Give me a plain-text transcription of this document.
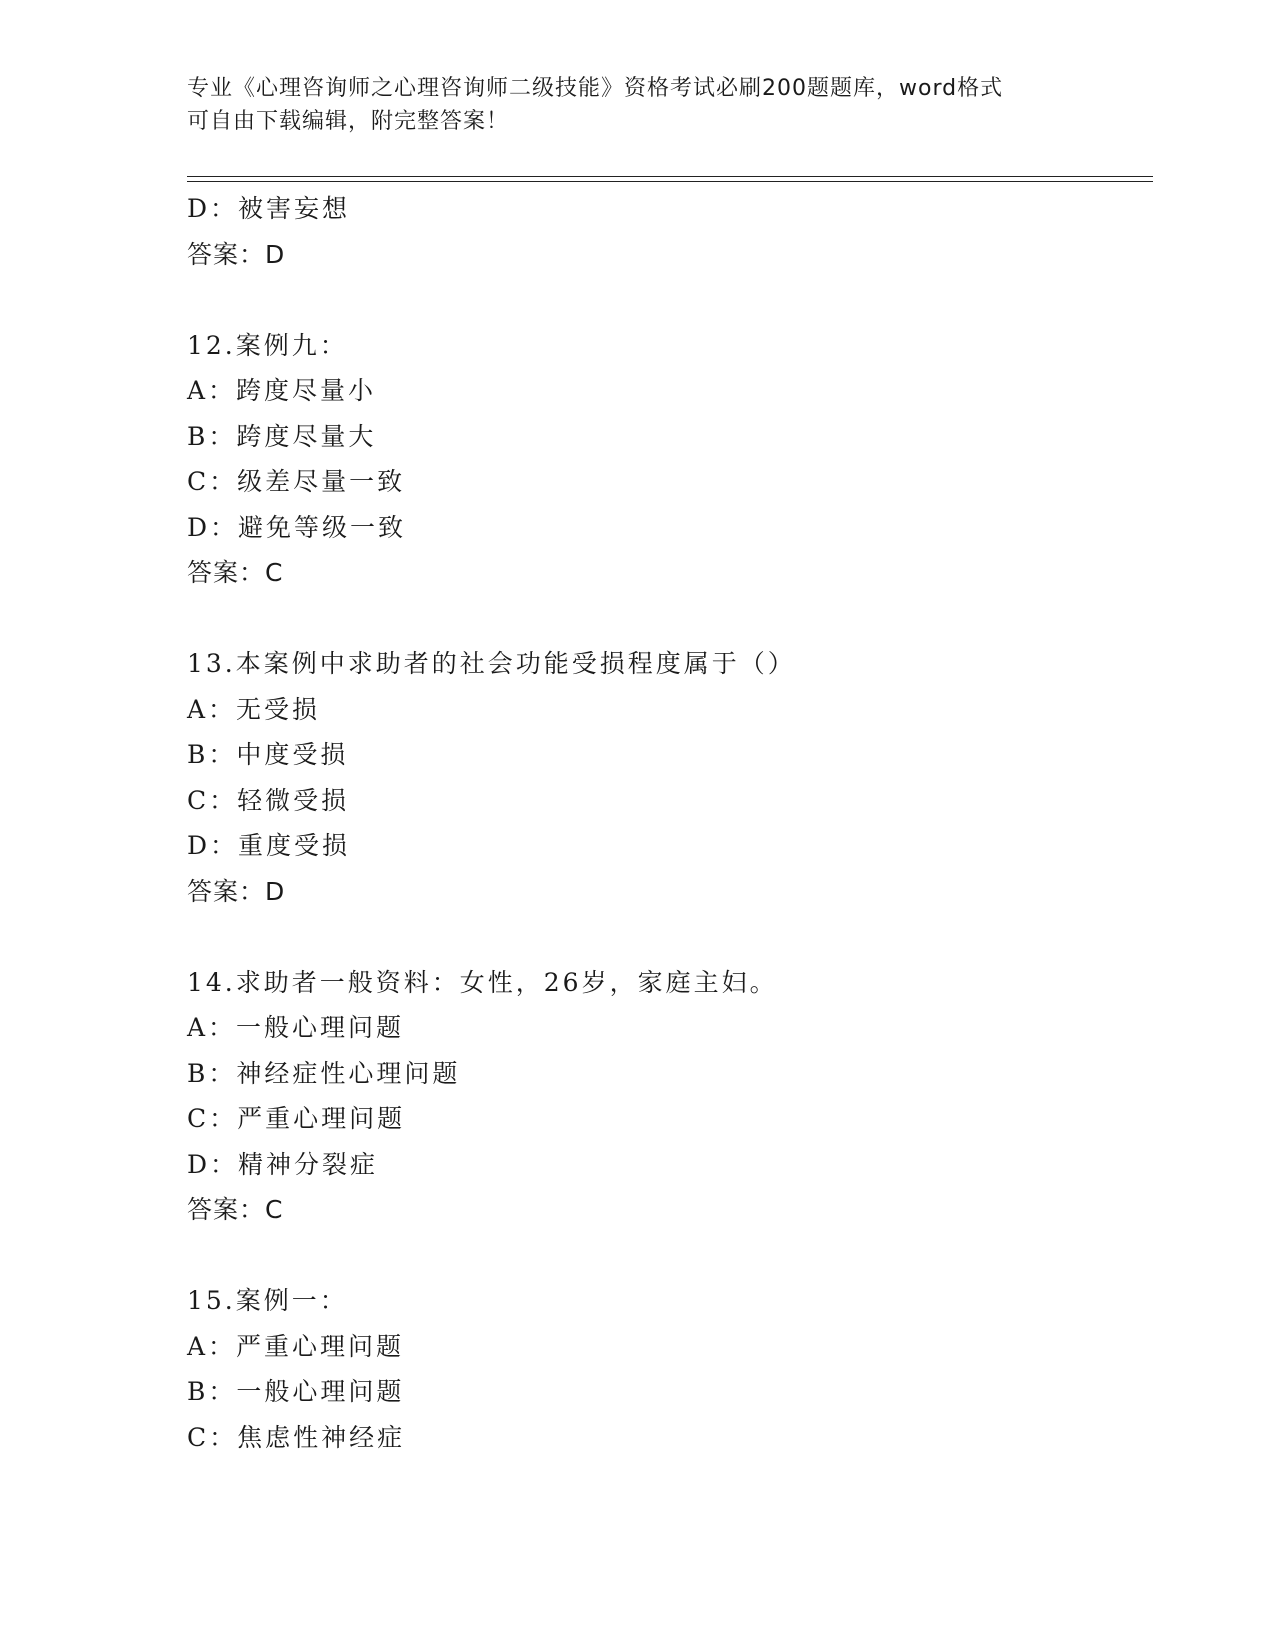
专业《心理咨询师之心理咨询师二级技能》资格考试必刷200题题库，word格式
可自由下载编辑，附完整答案！
D：被害妄想
答案：D
12.案例九：
A：跨度尽量小
B：跨度尽量大
C：级差尽量一致
D：避免等级一致
答案：C
13.本案例中求助者的社会功能受损程度属于（）
A：无受损
B：中度受损
C：轻微受损
D：重度受损
答案：D
14.求助者一般资料：女性，26岁，家庭主妇。
A：一般心理问题
B：神经症性心理问题
C：严重心理问题
D：精神分裂症
答案：C
15.案例一：
A：严重心理问题
B：一般心理问题
C：焦虑性神经症
